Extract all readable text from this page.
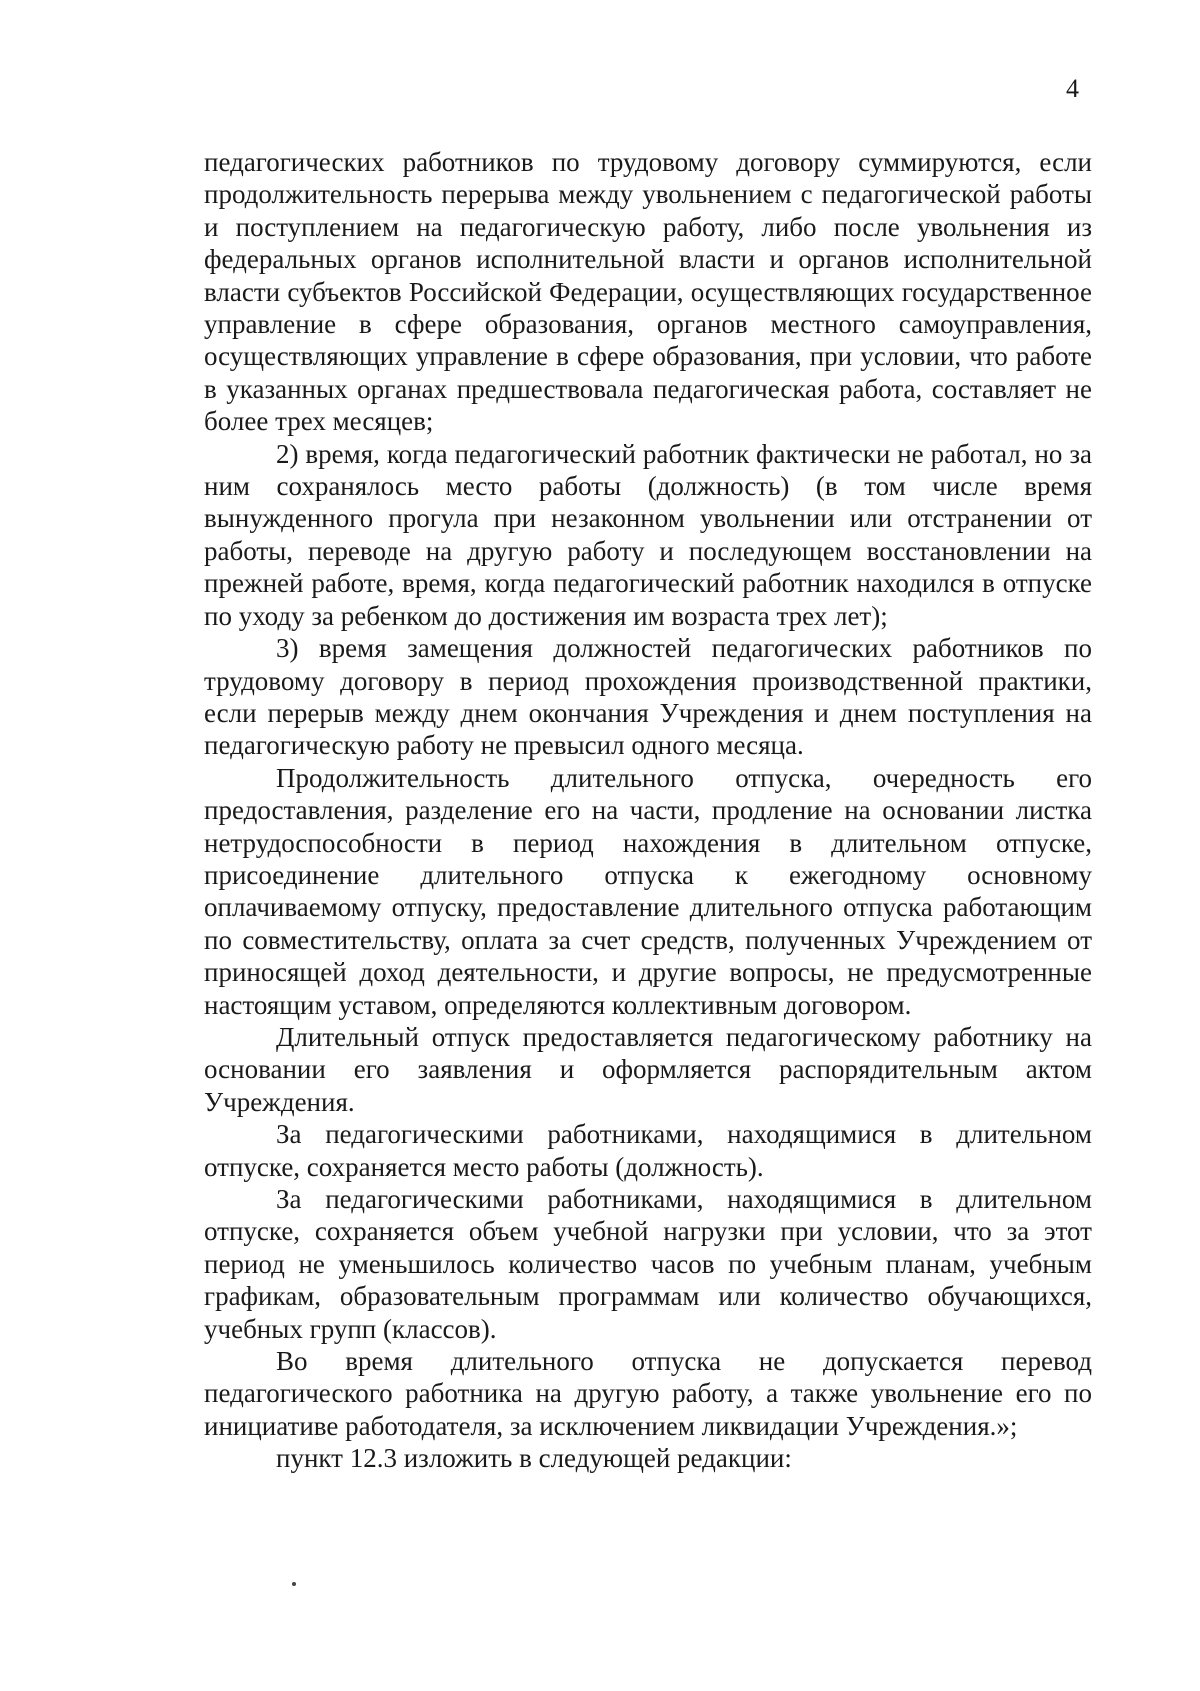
4

педагогических работников по трудовому договору суммируются, если продолжительность перерыва между увольнением с педагогической работы и поступлением на педагогическую работу, либо после увольнения из федеральных органов исполнительной власти и органов исполнительной власти субъектов Российской Федерации, осуществляющих государственное управление в сфере образования, органов местного самоуправления, осуществляющих управление в сфере образования, при условии, что работе в указанных органах предшествовала педагогическая работа, составляет не более трех месяцев;

2) время, когда педагогический работник фактически не работал, но за ним сохранялось место работы (должность) (в том числе время вынужденного прогула при незаконном увольнении или отстранении от работы, переводе на другую работу и последующем восстановлении на прежней работе, время, когда педагогический работник находился в отпуске по уходу за ребенком до достижения им возраста трех лет);

3) время замещения должностей педагогических работников по трудовому договору в период прохождения производственной практики, если перерыв между днем окончания Учреждения и днем поступления на педагогическую работу не превысил одного месяца.

Продолжительность длительного отпуска, очередность его предоставления, разделение его на части, продление на основании листка нетрудоспособности в период нахождения в длительном отпуске, присоединение длительного отпуска к ежегодному основному оплачиваемому отпуску, предоставление длительного отпуска работающим по совместительству, оплата за счет средств, полученных Учреждением от приносящей доход деятельности, и другие вопросы, не предусмотренные настоящим уставом, определяются коллективным договором.

Длительный отпуск предоставляется педагогическому работнику на основании его заявления и оформляется распорядительным актом Учреждения.

За педагогическими работниками, находящимися в длительном отпуске, сохраняется место работы (должность).

За педагогическими работниками, находящимися в длительном отпуске, сохраняется объем учебной нагрузки при условии, что за этот период не уменьшилось количество часов по учебным планам, учебным графикам, образовательным программам или количество обучающихся, учебных групп (классов).

Во время длительного отпуска не допускается перевод педагогического работника на другую работу, а также увольнение его по инициативе работодателя, за исключением ликвидации Учреждения.»;

пункт 12.3 изложить в следующей редакции:
